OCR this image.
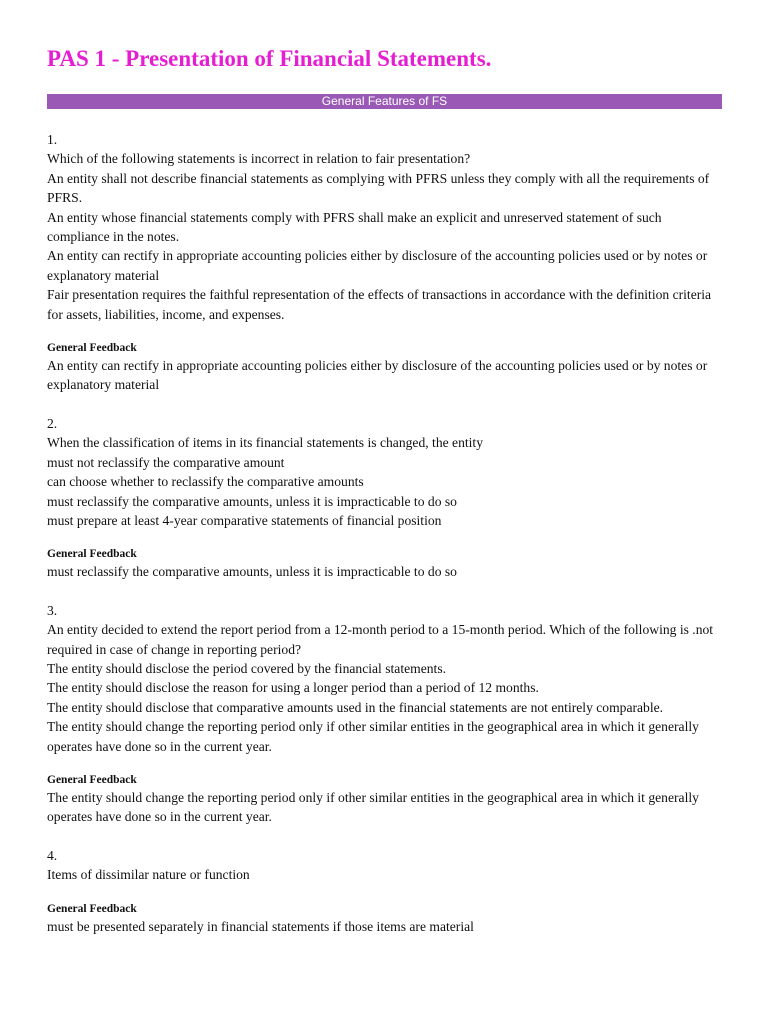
PAS 1 - Presentation of Financial Statements.
General Features of FS
1.
Which of the following statements is incorrect in relation to fair presentation?
An entity shall not describe financial statements as complying with PFRS unless they comply with all the requirements of PFRS.
An entity whose financial statements comply with PFRS shall make an explicit and unreserved statement of such compliance in the notes.
An entity can rectify in appropriate accounting policies either by disclosure of the accounting policies used or by notes or explanatory material
Fair presentation requires the faithful representation of the effects of transactions in accordance with the definition criteria for assets, liabilities, income, and expenses.
General Feedback
An entity can rectify in appropriate accounting policies either by disclosure of the accounting policies used or by notes or explanatory material
2.
When the classification of items in its financial statements is changed, the entity
must not reclassify the comparative amount
can choose whether to reclassify the comparative amounts
must reclassify the comparative amounts, unless it is impracticable to do so
must prepare at least 4-year comparative statements of financial position
General Feedback
must reclassify the comparative amounts, unless it is impracticable to do so
3.
An entity decided to extend the report period from a 12-month period to a 15-month period. Which of the following is .not required in case of change in reporting period?
The entity should disclose the period covered by the financial statements.
The entity should disclose the reason for using a longer period than a period of 12 months.
The entity should disclose that comparative amounts used in the financial statements are not entirely comparable.
The entity should change the reporting period only if other similar entities in the geographical area in which it generally operates have done so in the current year.
General Feedback
The entity should change the reporting period only if other similar entities in the geographical area in which it generally operates have done so in the current year.
4.
Items of dissimilar nature or function
General Feedback
must be presented separately in financial statements if those items are material
